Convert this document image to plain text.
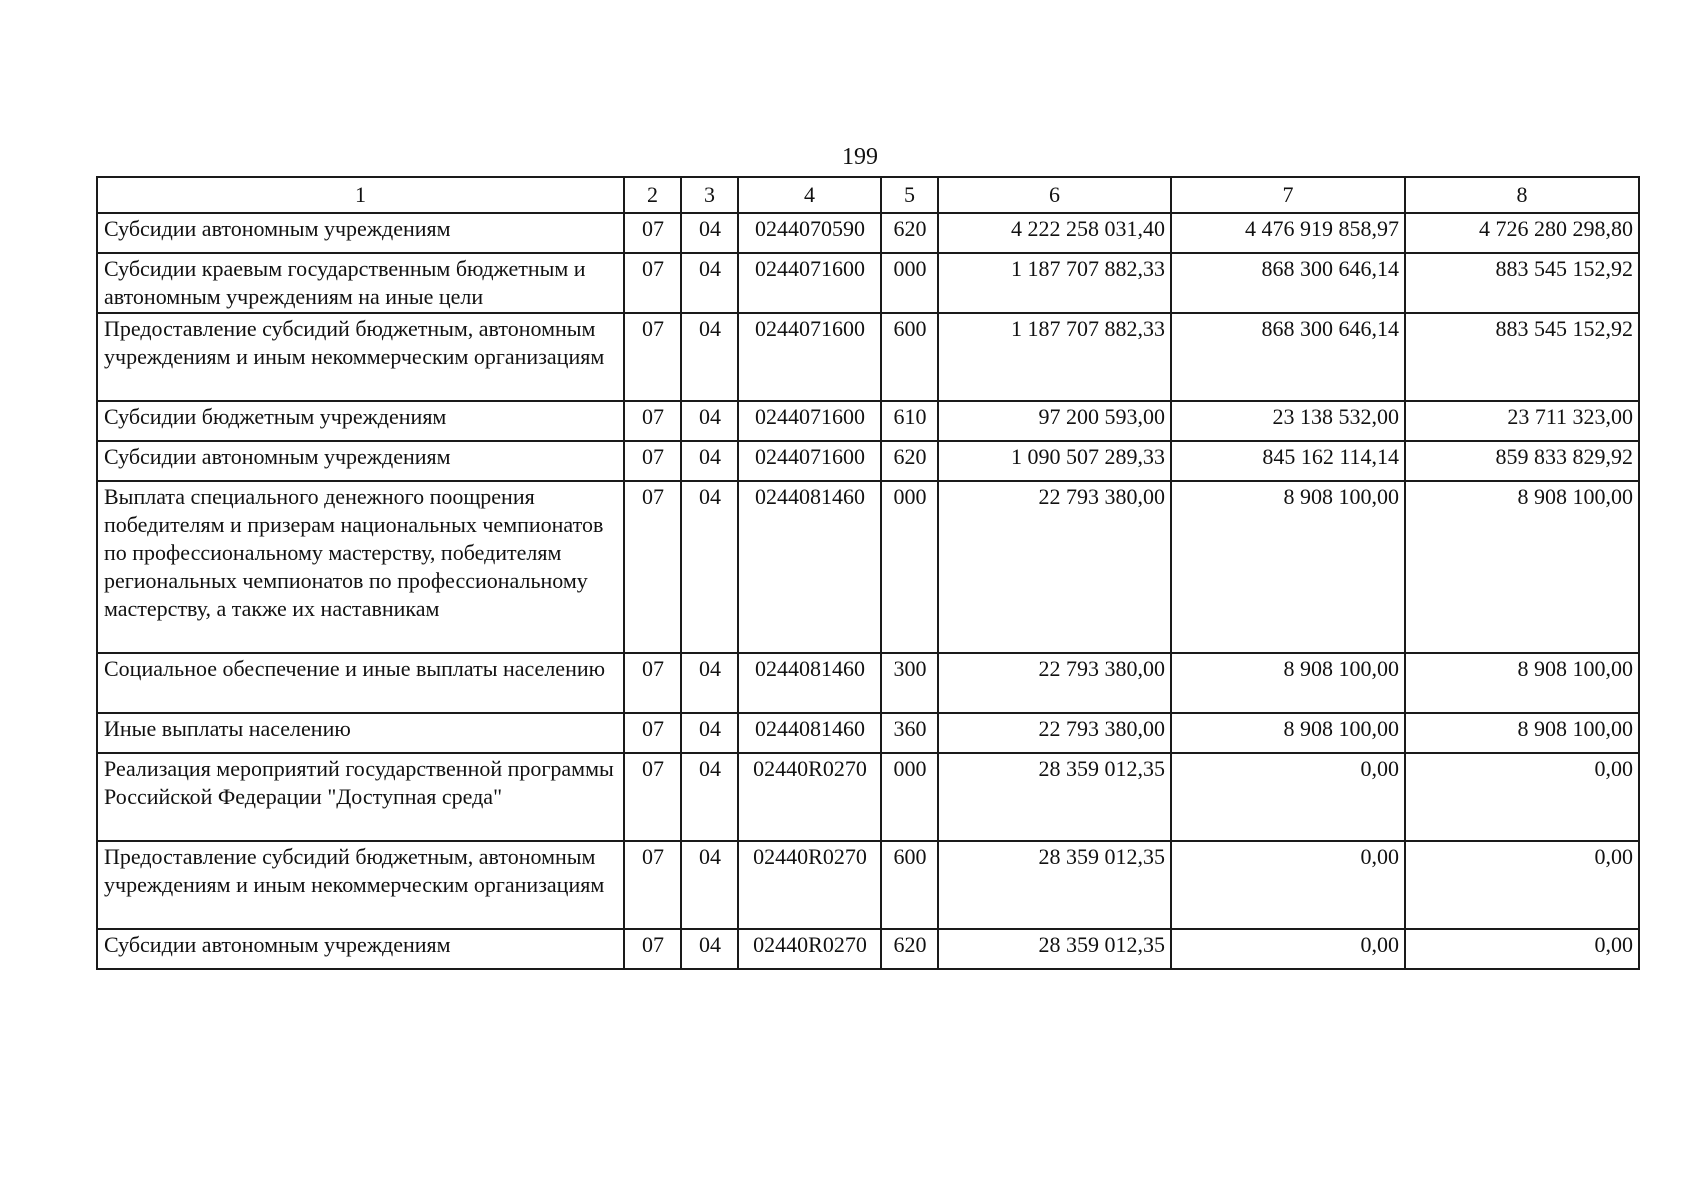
199
1	2	3	4	5	6	7	8
Субсидии автономным учреждениям	07	04	0244070590	620	4 222 258 031,40	4 476 919 858,97	4 726 280 298,80
Субсидии краевым государственным бюджетным и автономным учреждениям на иные цели	07	04	0244071600	000	1 187 707 882,33	868 300 646,14	883 545 152,92
Предоставление субсидий бюджетным, автономным учреждениям и иным некоммерческим организациям	07	04	0244071600	600	1 187 707 882,33	868 300 646,14	883 545 152,92
Субсидии бюджетным учреждениям	07	04	0244071600	610	97 200 593,00	23 138 532,00	23 711 323,00
Субсидии автономным учреждениям	07	04	0244071600	620	1 090 507 289,33	845 162 114,14	859 833 829,92
Выплата специального денежного поощрения победителям и призерам национальных чемпионатов по профессиональному мастерству, победителям региональных чемпионатов по профессиональному мастерству, а также их наставникам	07	04	0244081460	000	22 793 380,00	8 908 100,00	8 908 100,00
Социальное обеспечение и иные выплаты населению	07	04	0244081460	300	22 793 380,00	8 908 100,00	8 908 100,00
Иные выплаты населению	07	04	0244081460	360	22 793 380,00	8 908 100,00	8 908 100,00
Реализация мероприятий государственной программы Российской Федерации "Доступная среда"	07	04	02440R0270	000	28 359 012,35	0,00	0,00
Предоставление субсидий бюджетным, автономным учреждениям и иным некоммерческим организациям	07	04	02440R0270	600	28 359 012,35	0,00	0,00
Субсидии автономным учреждениям	07	04	02440R0270	620	28 359 012,35	0,00	0,00
